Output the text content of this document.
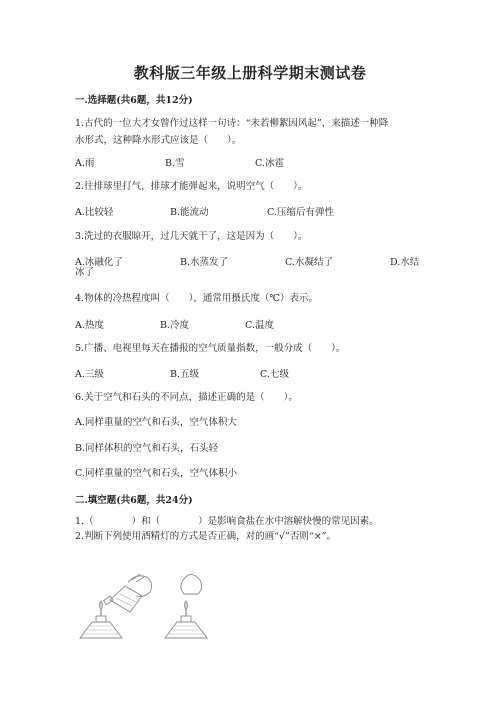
教科版三年级上册科学期末测试卷
一.选择题(共6题，共12分)
1.古代的一位大才女曾作过这样一句诗：“未若柳絮因风起”，来描述一种降
水形式，这种降水形式应该是（　　）。
A.雨	B.雪	C.冰雹
2.往排球里打气，排球才能弹起来，说明空气（　　）。
A.比较轻	B.能流动	C.压缩后有弹性
3.洗过的衣服晾开，过几天就干了，这是因为（　　）。
A.冰融化了	B.水蒸发了	C.水凝结了	D.水结
冰了
4.物体的冷热程度叫（　　），通常用摄氏度（℃）表示。
A.热度	B.冷度	C.温度
5.广播、电视里每天在播报的空气质量指数，一般分成（　　）。
A.三级	B.五级	C.七级
6.关于空气和石头的不同点，描述正确的是（　　）。
A.同样重量的空气和石头，空气体积大
B.同样体积的空气和石头，石头轻
C.同样重量的空气和石头，空气体积小
二.填空题(共6题，共24分)
1.（　　　　）和（　　　　）是影响食盐在水中溶解快慢的常见因素。
2.判断下列使用酒精灯的方式是否正确，对的画“√”否则“×”。
